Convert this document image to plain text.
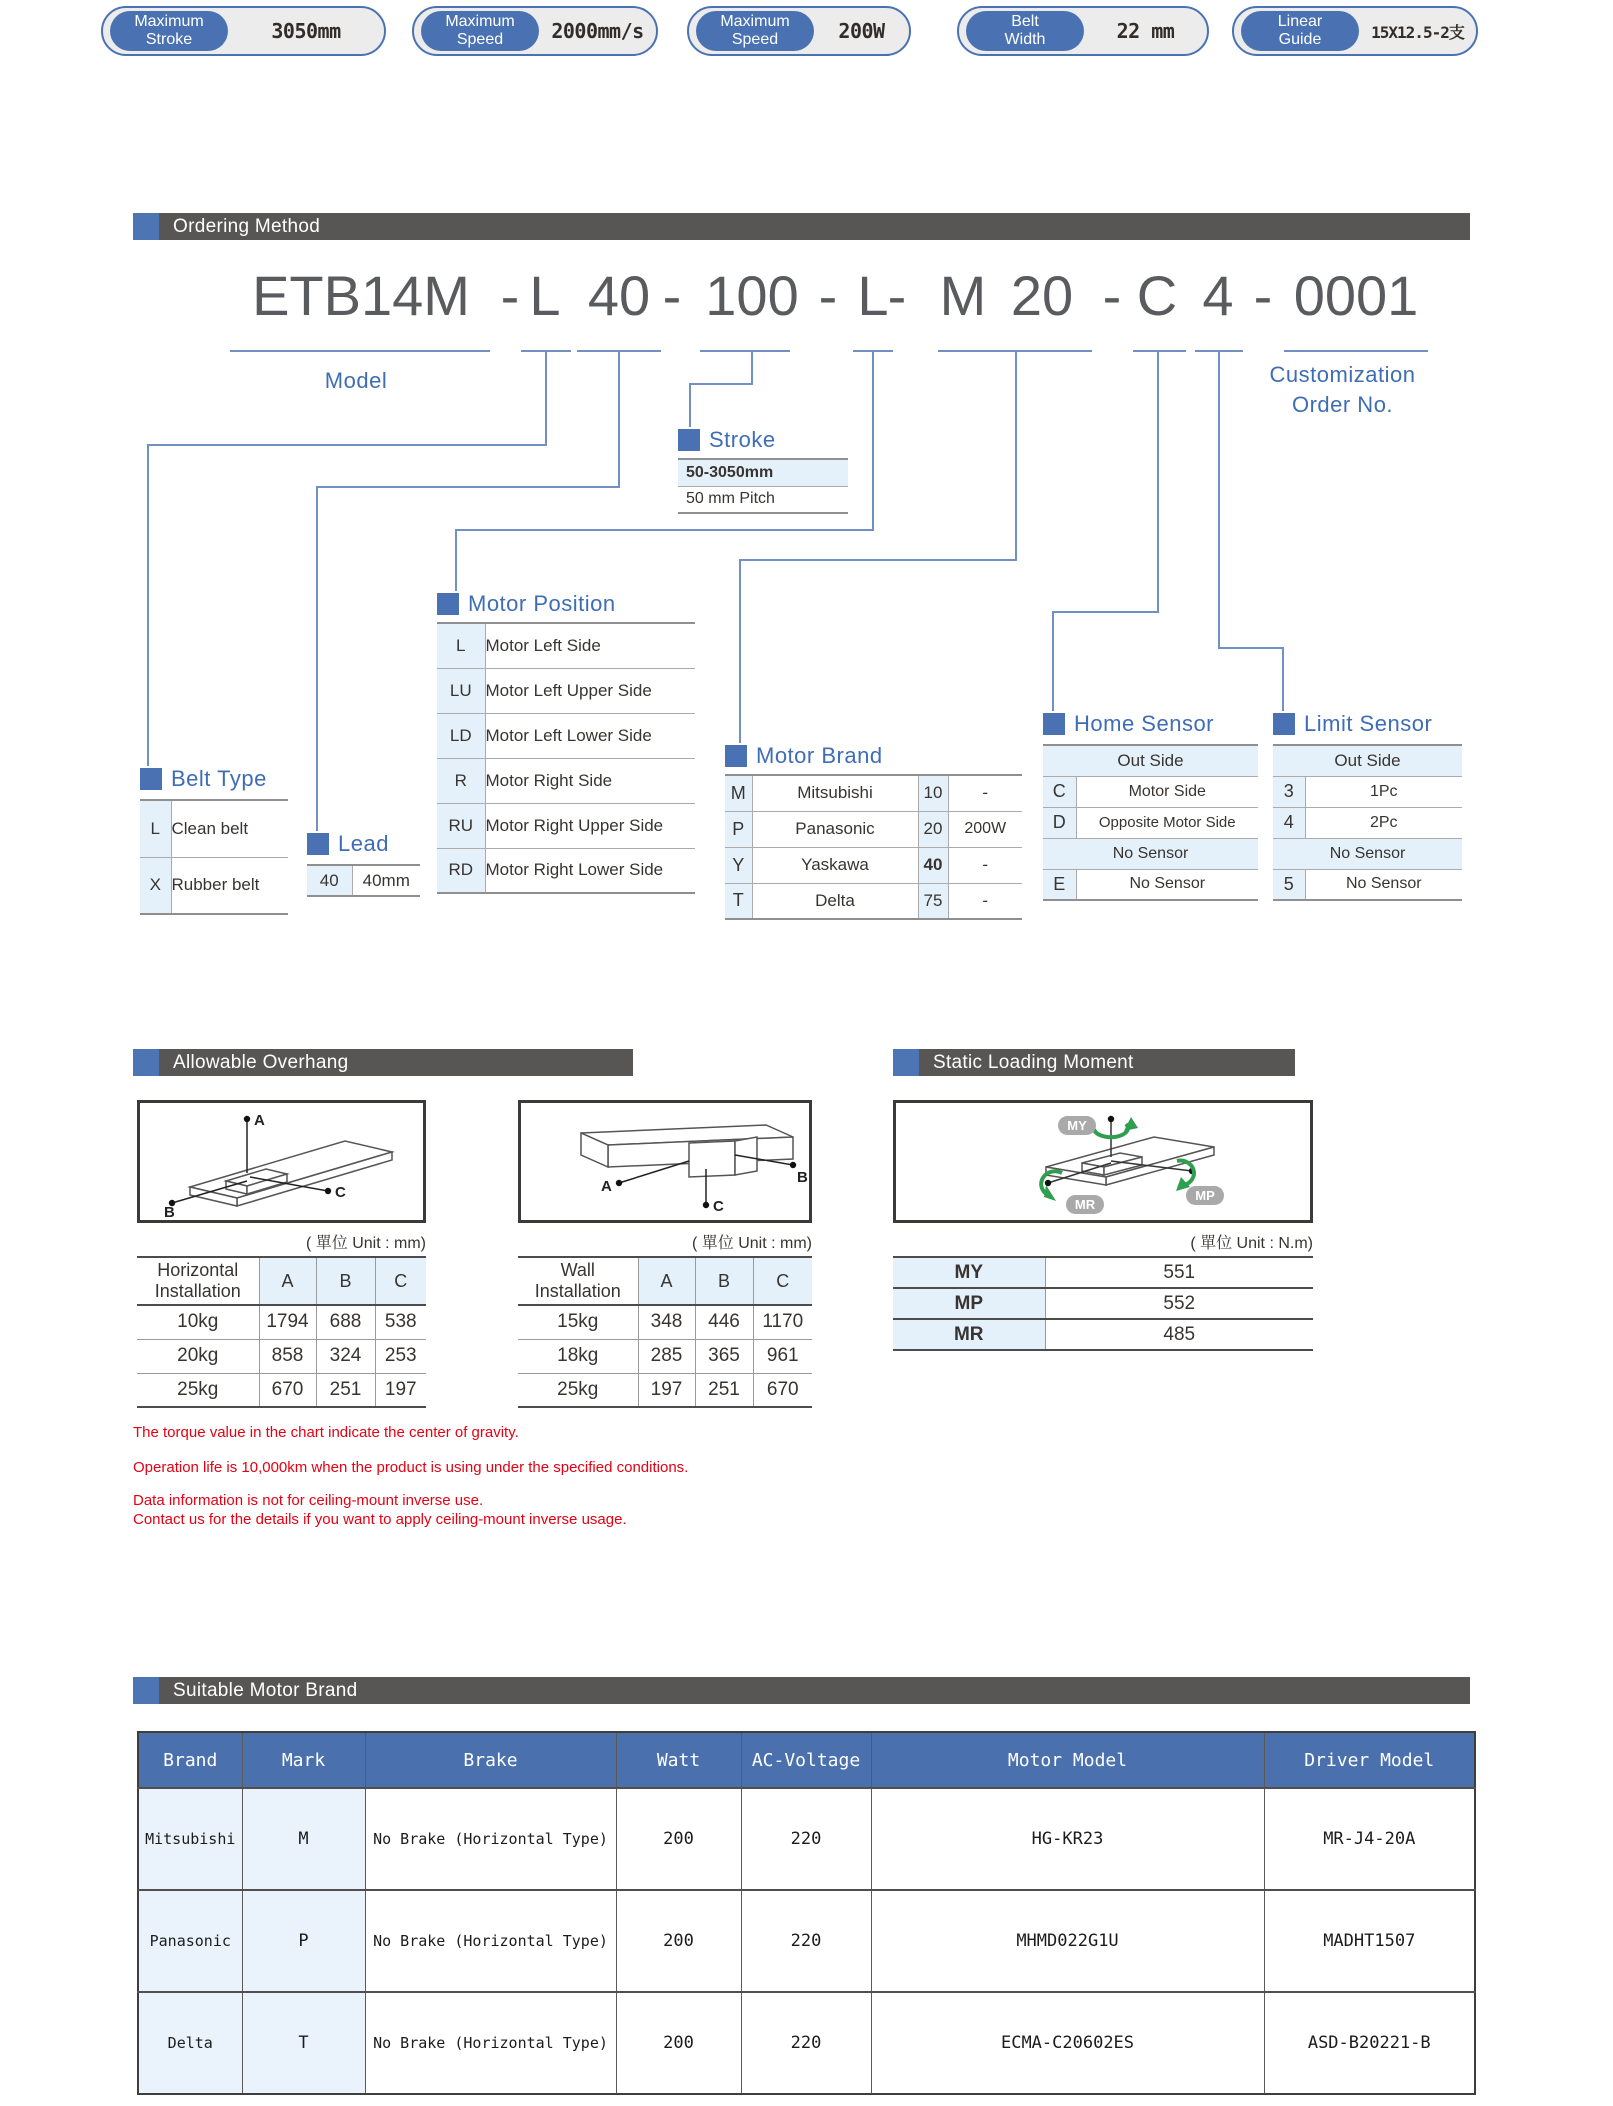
Maximum
Stroke	3050mm	Maximum
Speed	2000mm/s	Maximum
Speed	200W	Belt
Width	22 mm	Linear
Guide	15X12.5-2支
Ordering Method
ETB14M - L 40 - 100 - L - M 20 - C 4 - 0001
Model	Customization
Order No.
Stroke
50-3050mm
50 mm Pitch
Motor Position
L	Motor Left Side
LU	Motor Left Upper Side
LD	Motor Left Lower Side
R	Motor Right Side
RU	Motor Right Upper Side
RD	Motor Right Lower Side
Belt Type
L	Clean belt
X	Rubber belt
Lead
40	40mm
Motor Brand
M	Mitsubishi	10	-
P	Panasonic	20	200W
Y	Yaskawa	40	-
T	Delta	75	-
Home Sensor
Out Side	
C	Motor Side
D	Opposite Motor Side
No Sensor	
E	No Sensor
Limit Sensor
Out Side	
3	1Pc
4	2Pc
No Sensor	
5	No Sensor
Allowable Overhang	Static Loading Moment
A
B
C	A
B
C
MY
MP
MR
( 單位 Unit : mm)	( 單位 Unit : mm)	( 單位 Unit : N.m)
Horizontal
Installation	A	B	C
10kg	1794	688	538
20kg	858	324	253
25kg	670	251	197
Wall
Installation	A	B	C
15kg	348	446	1170
18kg	285	365	961
25kg	197	251	670
MY	551
MP	552
MR	485
The torque value in the chart indicate the center of gravity.
Operation life is 10,000km when the product is using under the specified conditions.
Data information is not for ceiling-mount inverse use.
Contact us for the details if you want to apply ceiling-mount inverse usage.
Suitable Motor Brand
Brand	Mark	Brake	Watt	AC-Voltage	Motor Model	Driver Model
Mitsubishi	M	No Brake (Horizontal Type)	200	220	HG-KR23	MR-J4-20A
Panasonic	P	No Brake (Horizontal Type)	200	220	MHMD022G1U	MADHT1507
Delta	T	No Brake (Horizontal Type)	200	220	ECMA-C20602ES	ASD-B20221-B
